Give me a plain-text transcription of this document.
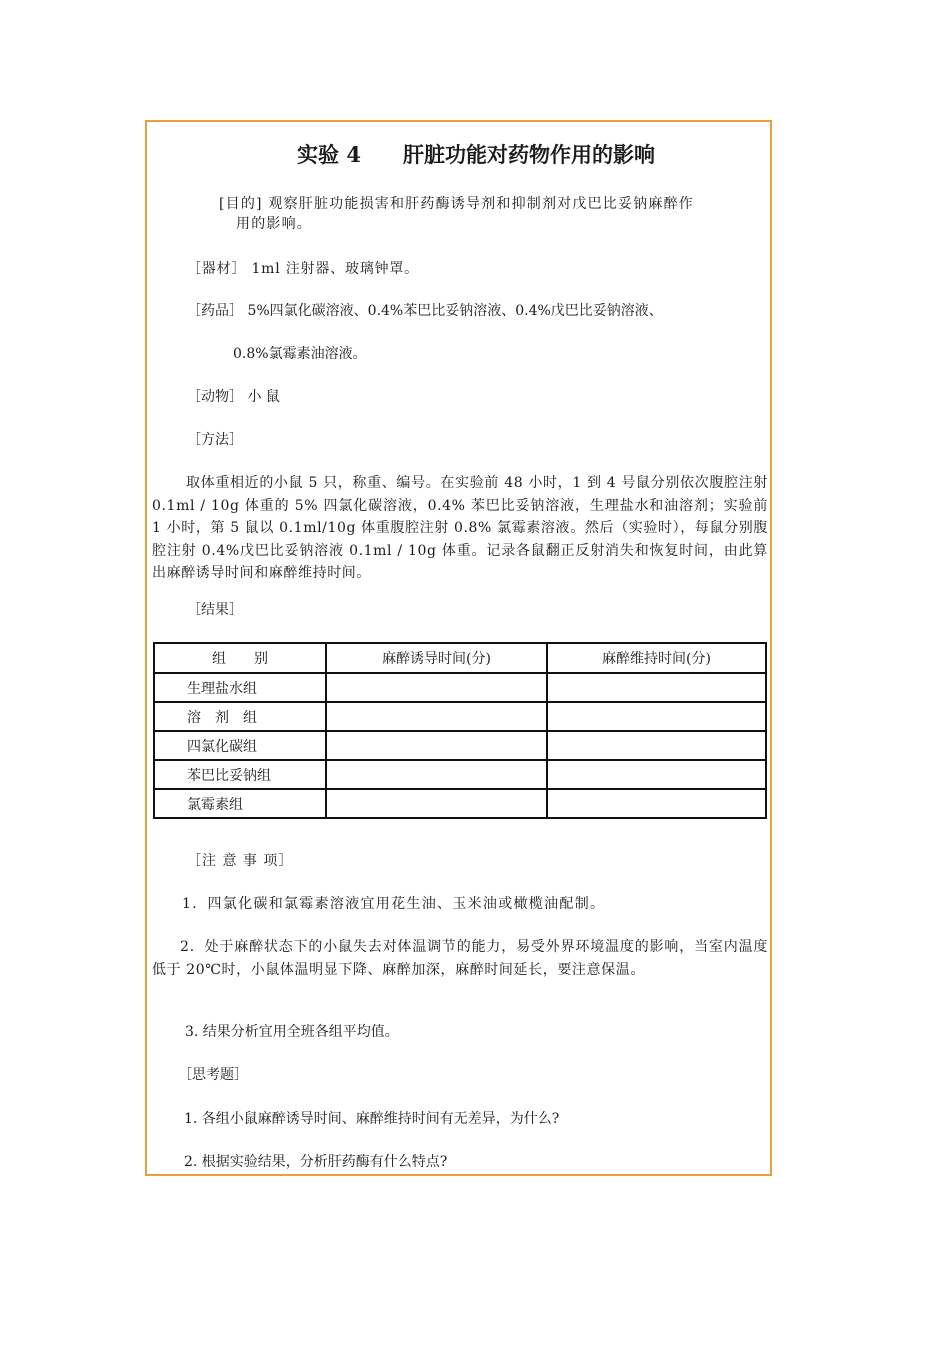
实验 4　　肝脏功能对药物作用的影响
[目的] 观察肝脏功能损害和肝药酶诱导剂和抑制剂对戊巴比妥钠麻醉作
用的影响。
［器材］ 1ml 注射器、玻璃钟罩。
［药品］ 5%四氯化碳溶液、0.4%苯巴比妥钠溶液、0.4%戊巴比妥钠溶液、
0.8%氯霉素油溶液。
［动物］ 小 鼠
［方法］
取体重相近的小鼠 5 只，称重、编号。在实验前 48 小时，1 到 4 号鼠分别依次腹腔注射 0.1ml / 10g 体重的 5% 四氯化碳溶液，0.4% 苯巴比妥钠溶液，生理盐水和油溶剂；实验前 1 小时，第 5 鼠以 0.1ml/10g 体重腹腔注射 0.8% 氯霉素溶液。然后（实验时），每鼠分别腹腔注射 0.4%戊巴比妥钠溶液 0.1ml / 10g 体重。记录各鼠翻正反射消失和恢复时间，由此算出麻醉诱导时间和麻醉维持时间。
［结果］
组　　别	麻醉诱导时间(分)	麻醉维持时间(分)
生理盐水组		
溶　剂　组		
四氯化碳组		
苯巴比妥钠组		
氯霉素组		
［注 意 事 项］
1．四氯化碳和氯霉素溶液宜用花生油、玉米油或橄榄油配制。
2．处于麻醉状态下的小鼠失去对体温调节的能力，易受外界环境温度的影响，当室内温度低于 20℃时，小鼠体温明显下降、麻醉加深，麻醉时间延长，要注意保温。
3. 结果分析宜用全班各组平均值。
［思考题］
1. 各组小鼠麻醉诱导时间、麻醉维持时间有无差异，为什么?
2. 根据实验结果，分析肝药酶有什么特点?
